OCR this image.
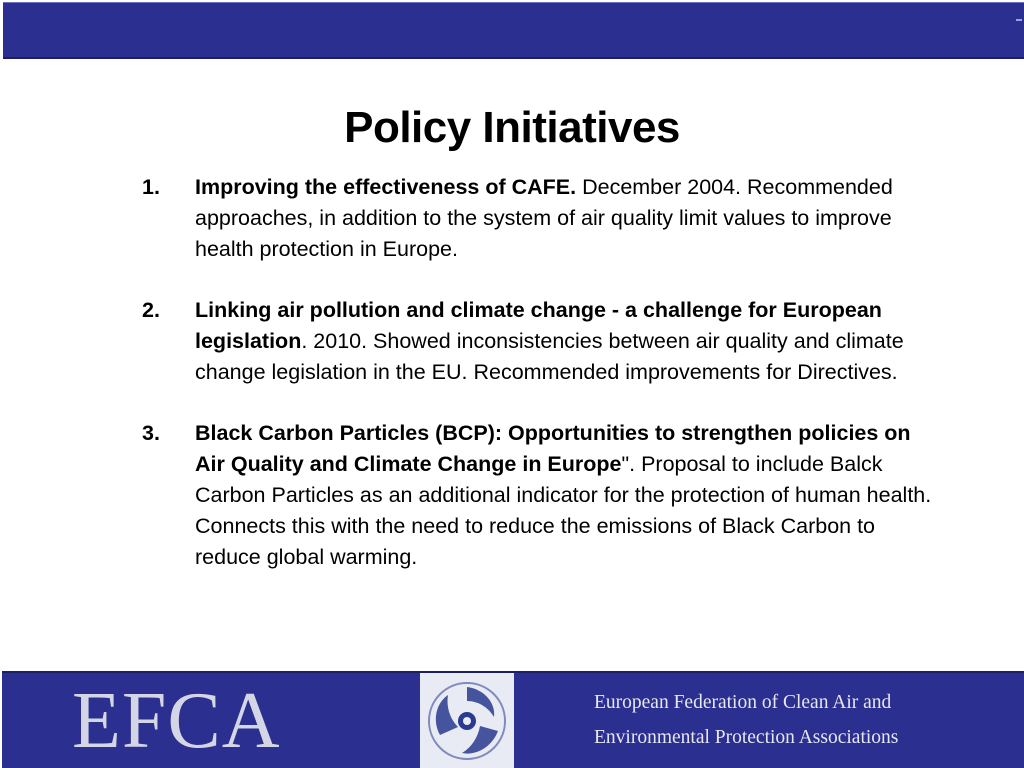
Policy Initiatives
1.	Improving the effectiveness of CAFE. December 2004. Recommended approaches, in addition to the system of air quality limit values to improve health protection in Europe.
2.	Linking air pollution and climate change - a challenge for European legislation. 2010. Showed inconsistencies between air quality and climate change legislation in the EU. Recommended improvements for Directives.
3.	Black Carbon Particles (BCP): Opportunities to strengthen policies on Air Quality and Climate Change in Europe". Proposal to include Balck Carbon Particles as an additional indicator for the protection of human health. Connects this with the need to reduce the emissions of Black Carbon to reduce global warming.
EFCA	European Federation of Clean Air and
Environmental Protection Associations
